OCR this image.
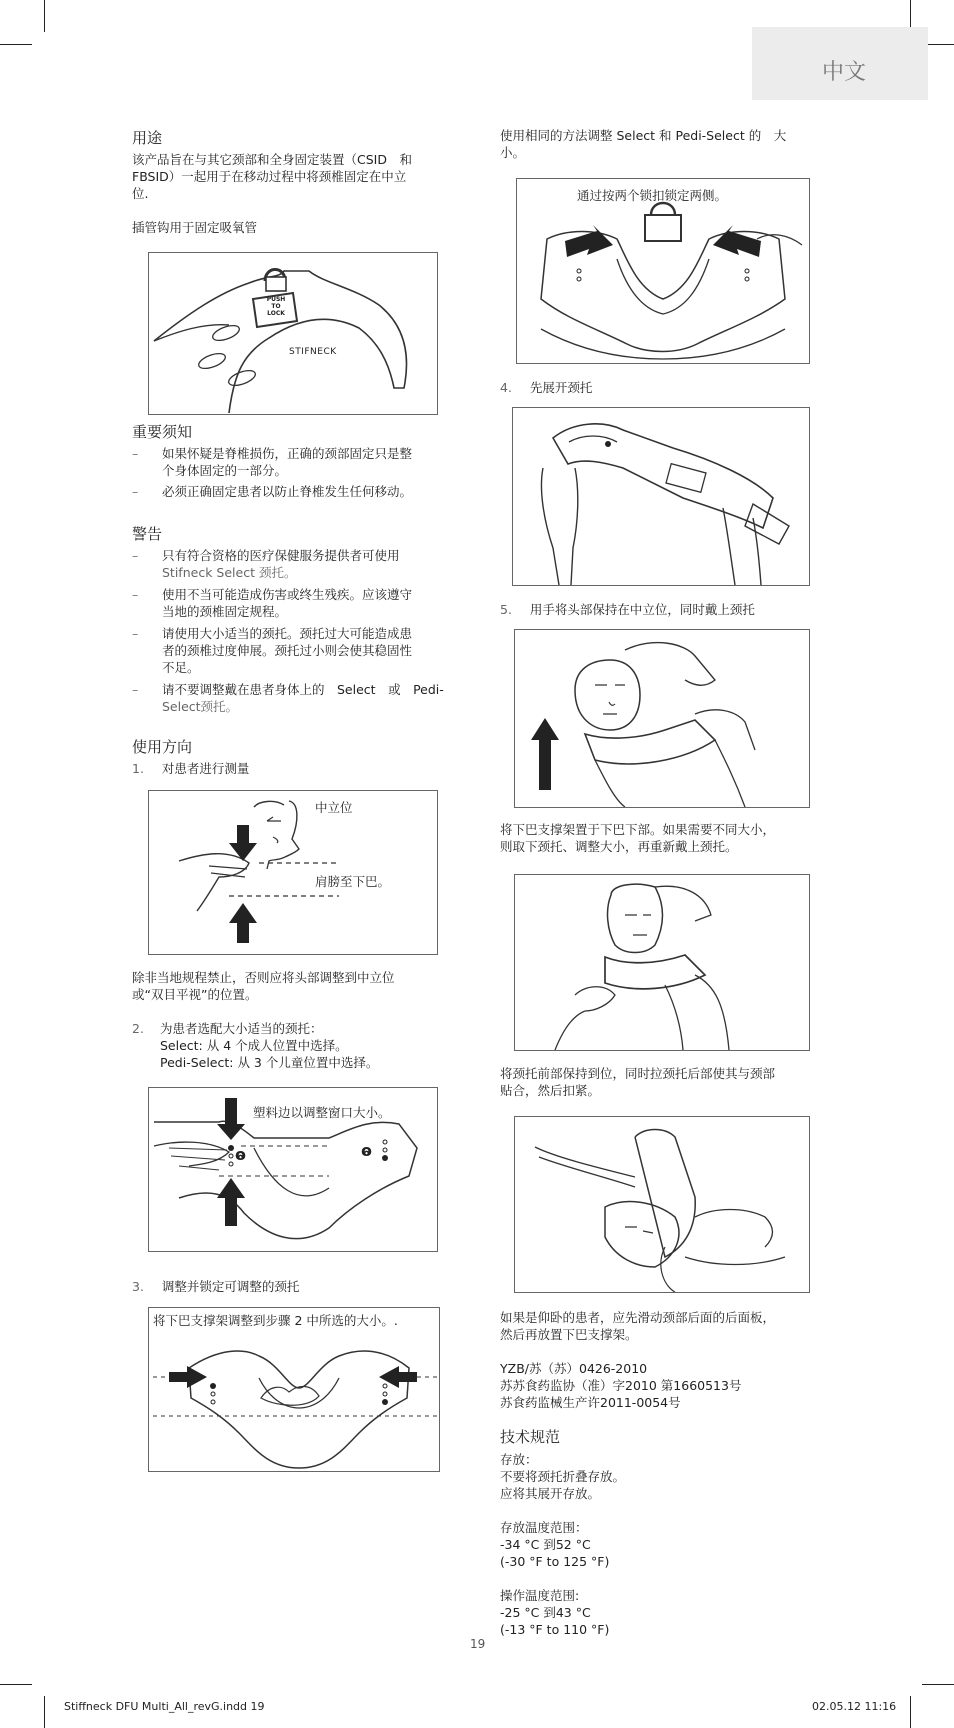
中文
用途
该产品旨在与其它颈部和全身固定装置（CSID　和
FBSID）一起用于在移动过程中将颈椎固定在中立
位.
插管钩用于固定吸氧管
PUSH
TO
LOCK
STIFNECK
重要须知
– 如果怀疑是脊椎损伤，正确的颈部固定只是整
个身体固定的一部分。
– 必须正确固定患者以防止脊椎发生任何移动。
警告
– 只有符合资格的医疗保健服务提供者可使用
Stifneck Select 颈托。
– 使用不当可能造成伤害或终生残疾。应该遵守
当地的颈椎固定规程。
– 请使用大小适当的颈托。颈托过大可能造成患
者的颈椎过度伸展。颈托过小则会使其稳固性
不足。
– 请不要调整戴在患者身体上的　Select　或　Pedi-
Select颈托。
使用方向
1. 对患者进行测量
中立位
肩膀至下巴。
除非当地规程禁止，否则应将头部调整到中立位
或“双目平视”的位置。
2. 为患者选配大小适当的颈托：
Select: 从 4 个成人位置中选择。
Pedi-Select: 从 3 个儿童位置中选择。
ⱺ	ⱺ
塑料边以调整窗口大小。
3. 调整并锁定可调整的颈托
将下巴支撑架调整到步骤 2 中所选的大小。.
使用相同的方法调整 Select 和 Pedi-Select 的　大
小。
通过按两个锁扣锁定两侧。
4. 先展开颈托
5. 用手将头部保持在中立位，同时戴上颈托
将下巴支撑架置于下巴下部。如果需要不同大小，
则取下颈托、调整大小，再重新戴上颈托。
将颈托前部保持到位，同时拉颈托后部使其与颈部
贴合，然后扣紧。
如果是仰卧的患者，应先滑动颈部后面的后面板，
然后再放置下巴支撑架。
YZB/苏（苏）0426-2010
苏苏食药监协（准）字2010 第1660513号
苏食药监械生产许2011-0054号
技术规范
存放：
不要将颈托折叠存放。
应将其展开存放。
存放温度范围：
-34 °C 到52 °C
(-30 °F to 125 °F)
操作温度范围:
-25 °C 到43 °C
(-13 °F to 110 °F)
19
Stiffneck DFU Multi_All_revG.indd 19	02.05.12 11:16
